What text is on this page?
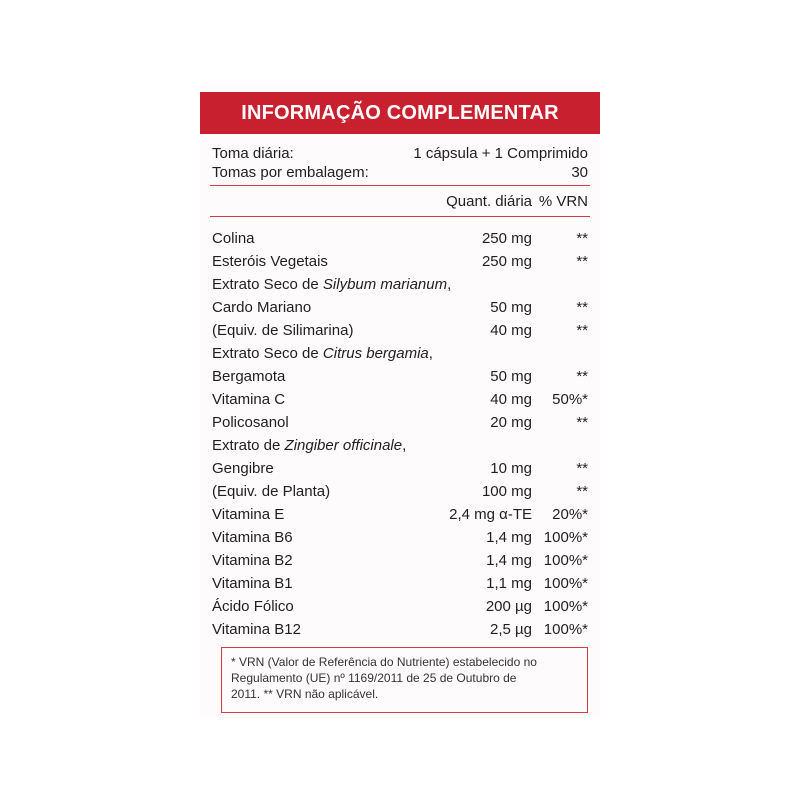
INFORMAÇÃO COMPLEMENTAR
Toma diária:	1 cápsula + 1 Comprimido
Tomas por embalagem:	30
Quant. diária % VRN
Colina	250 mg	**
Esteróis Vegetais	250 mg	**
Extrato Seco de Silybum marianum,
Cardo Mariano	50 mg	**
(Equiv. de Silimarina)	40 mg	**
Extrato Seco de Citrus bergamia,
Bergamota	50 mg	**
Vitamina C	40 mg	50%*
Policosanol	20 mg	**
Extrato de Zingiber officinale,
Gengibre	10 mg	**
(Equiv. de Planta)	100 mg	**
Vitamina E	2,4 mg α-TE	20%*
Vitamina B6	1,4 mg 100%*
Vitamina B2	1,4 mg 100%*
Vitamina B1	1,1 mg 100%*
Ácido Fólico	200 µg 100%*
Vitamina B12	2,5 µg 100%*
* VRN (Valor de Referência do Nutriente) estabelecido no
Regulamento (UE) nº 1169/2011 de 25 de Outubro de
2011. ** VRN não aplicável.
